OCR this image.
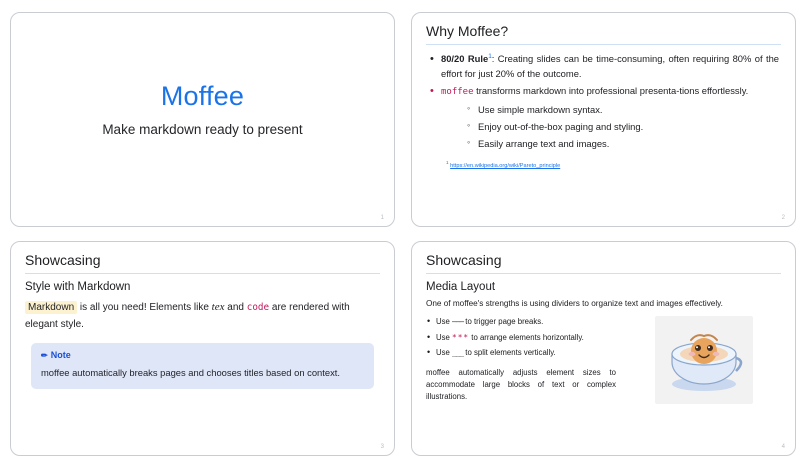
Moffee
Make markdown ready to present
1
Why Moffee?
• 80/20 Rule$^1$: Creating slides can be time-consuming, often requiring 80% of the effort for just 20% of the outcome.
• moffee transforms markdown into professional presenta-tions effortlessly.
◦ Use simple markdown syntax.
◦ Enjoy out-of-the-box paging and styling.
◦ Easily arrange text and images.
$^1$ https://en.wikipedia.org/wiki/Pareto_principle
2
Showcasing
Style with Markdown

Markdown is all you need! Elements like tex and code are rendered with elegant style.

✏ Note
moffee automatically breaks pages and chooses titles based on context.
3
Showcasing
Media Layout

One of moffee's strengths is using dividers to organize text and images effectively.

• Use ——— to trigger page breaks.
• Use *** to arrange elements horizontally.
• Use ___ to split elements vertically.

moffee automatically adjusts element sizes to accommodate large blocks of text or complex illustrations.

4
